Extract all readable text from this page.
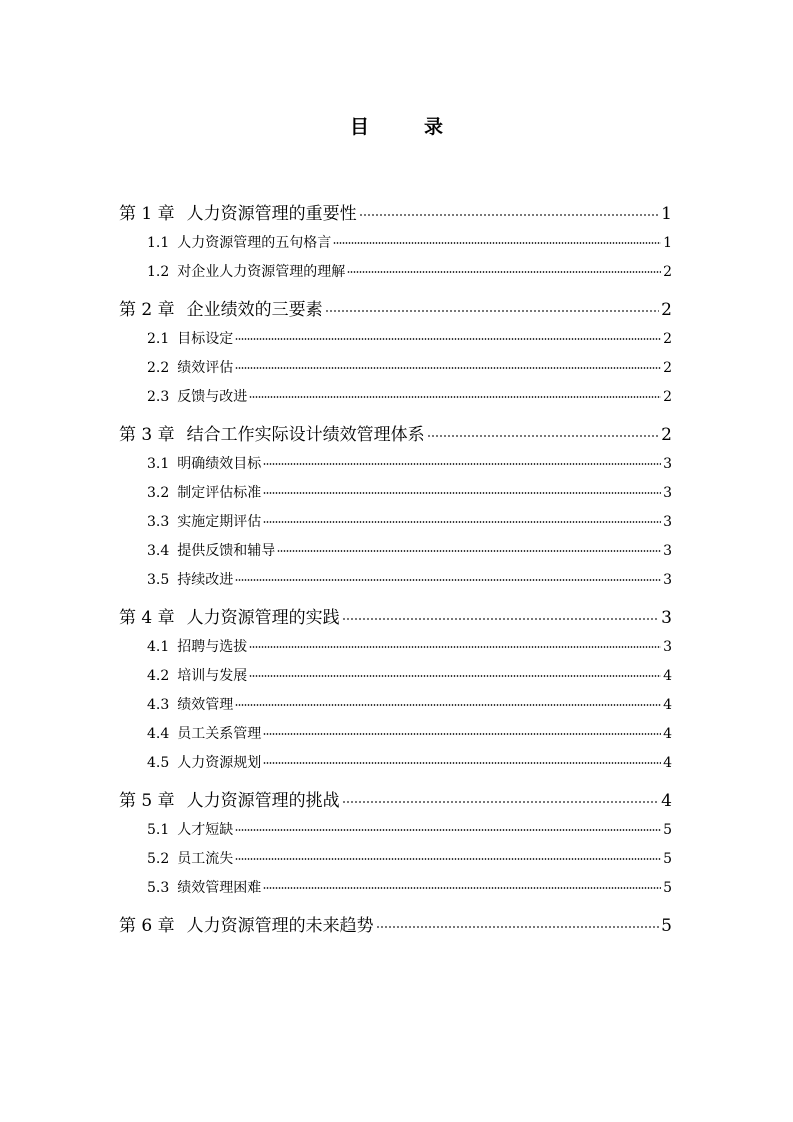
目　录
第 1 章 人力资源管理的重要性	1
1.1 人力资源管理的五句格言	1
1.2 对企业人力资源管理的理解	2
第 2 章 企业绩效的三要素	2
2.1 目标设定	2
2.2 绩效评估	2
2.3 反馈与改进	2
第 3 章 结合工作实际设计绩效管理体系	2
3.1 明确绩效目标	3
3.2 制定评估标准	3
3.3 实施定期评估	3
3.4 提供反馈和辅导	3
3.5 持续改进	3
第 4 章 人力资源管理的实践	3
4.1 招聘与选拔	3
4.2 培训与发展	4
4.3 绩效管理	4
4.4 员工关系管理	4
4.5 人力资源规划	4
第 5 章 人力资源管理的挑战	4
5.1 人才短缺	5
5.2 员工流失	5
5.3 绩效管理困难	5
第 6 章 人力资源管理的未来趋势	5
